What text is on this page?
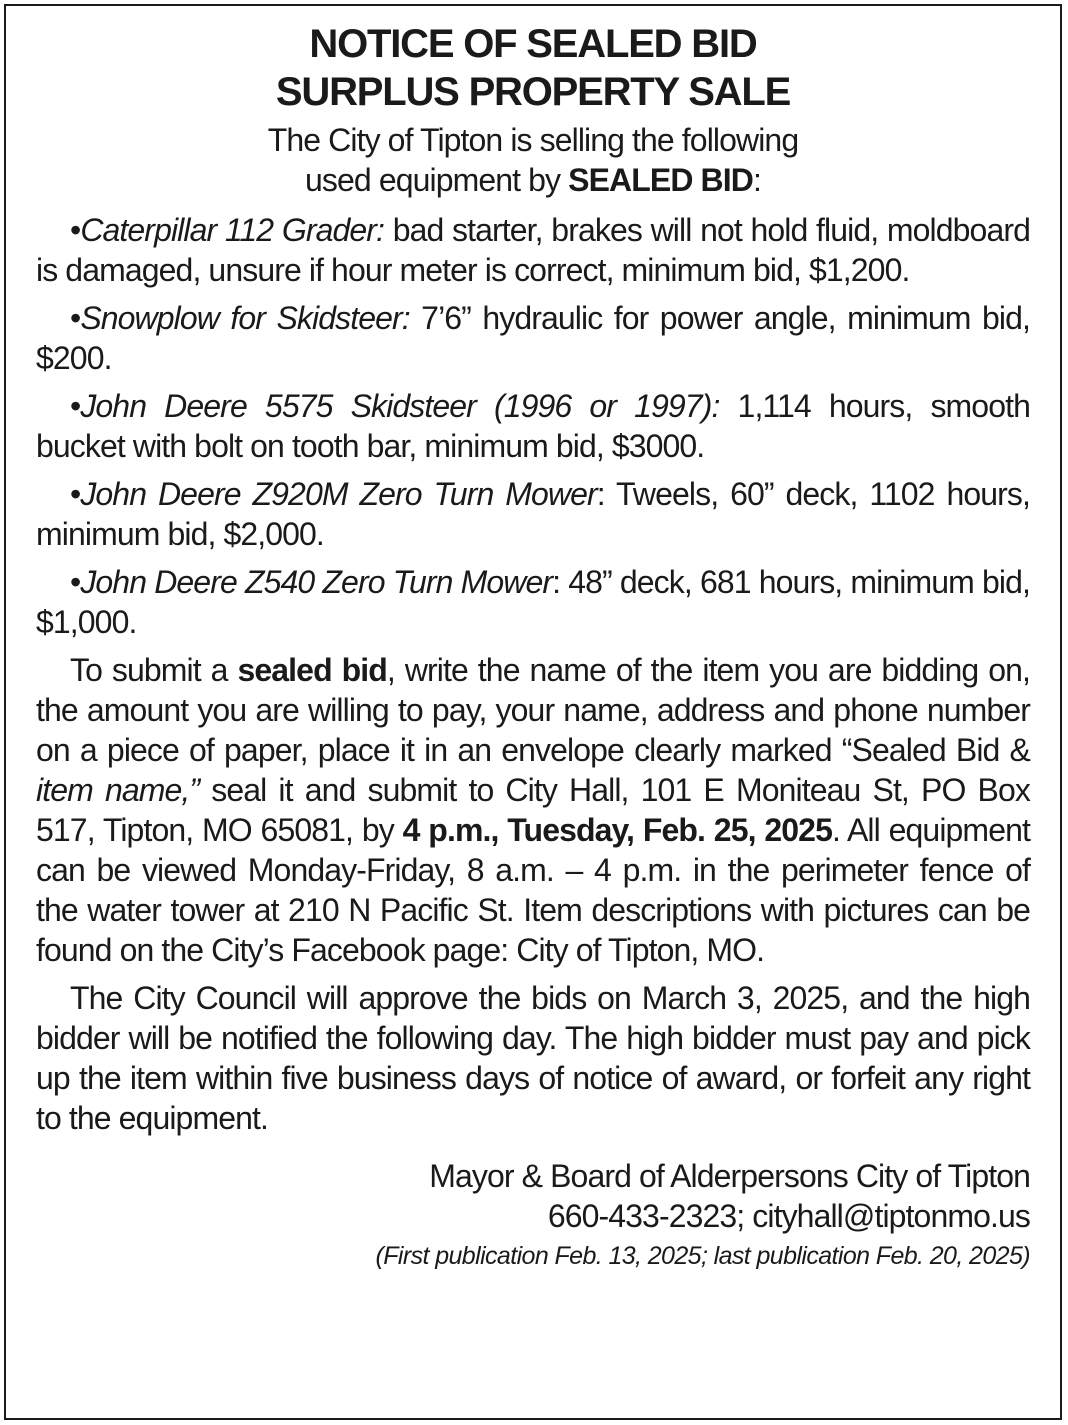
NOTICE OF SEALED BID
SURPLUS PROPERTY SALE

The City of Tipton is selling the following
used equipment by SEALED BID:

•Caterpillar 112 Grader: bad starter, brakes will not hold fluid, moldboard is damaged, unsure if hour meter is correct, minimum bid, $1,200.

•Snowplow for Skidsteer: 7’6” hydraulic for power angle, minimum bid, $200.

•John Deere 5575 Skidsteer (1996 or 1997): 1,114 hours, smooth bucket with bolt on tooth bar, minimum bid, $3000.

•John Deere Z920M Zero Turn Mower: Tweels, 60” deck, 1102 hours, minimum bid, $2,000.

•John Deere Z540 Zero Turn Mower: 48” deck, 681 hours, minimum bid, $1,000.

To submit a sealed bid, write the name of the item you are bidding on, the amount you are willing to pay, your name, address and phone number on a piece of paper, place it in an envelope clearly marked “Sealed Bid & item name,” seal it and submit to City Hall, 101 E Moniteau St, PO Box 517, Tipton, MO 65081, by 4 p.m., Tuesday, Feb. 25, 2025. All equipment can be viewed Monday-Friday, 8 a.m. – 4 p.m. in the perimeter fence of the water tower at 210 N Pacific St. Item descriptions with pictures can be found on the City’s Facebook page: City of Tipton, MO.

The City Council will approve the bids on March 3, 2025, and the high bidder will be notified the following day. The high bidder must pay and pick up the item within five business days of notice of award, or forfeit any right to the equipment.

Mayor & Board of Alderpersons City of Tipton
660-433-2323; cityhall@tiptonmo.us

(First publication Feb. 13, 2025; last publication Feb. 20, 2025)
